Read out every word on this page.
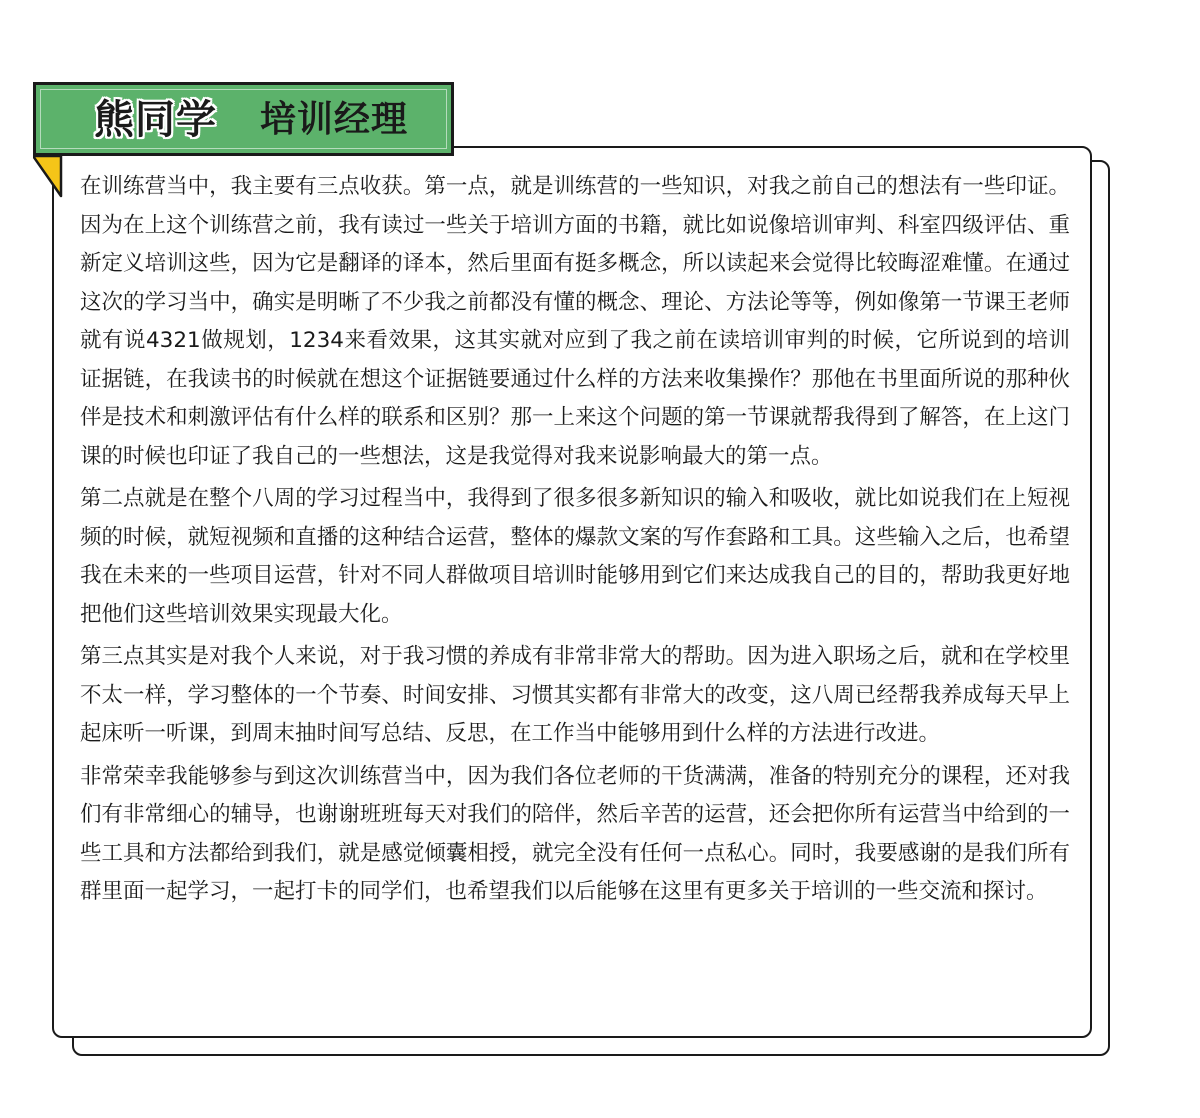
熊同学 培训经理

在训练营当中，我主要有三点收获。第一点，就是训练营的一些知识，对我之前自己的想法有一些印证。因为在上这个训练营之前，我有读过一些关于培训方面的书籍，就比如说像培训审判、科室四级评估、重新定义培训这些，因为它是翻译的译本，然后里面有挺多概念，所以读起来会觉得比较晦涩难懂。在通过这次的学习当中，确实是明晰了不少我之前都没有懂的概念、理论、方法论等等，例如像第一节课王老师就有说4321做规划，1234来看效果，这其实就对应到了我之前在读培训审判的时候，它所说到的培训证据链，在我读书的时候就在想这个证据链要通过什么样的方法来收集操作？那他在书里面所说的那种伙伴是技术和刺激评估有什么样的联系和区别？那一上来这个问题的第一节课就帮我得到了解答，在上这门课的时候也印证了我自己的一些想法，这是我觉得对我来说影响最大的第一点。

第二点就是在整个八周的学习过程当中，我得到了很多很多新知识的输入和吸收，就比如说我们在上短视频的时候，就短视频和直播的这种结合运营，整体的爆款文案的写作套路和工具。这些输入之后，也希望我在未来的一些项目运营，针对不同人群做项目培训时能够用到它们来达成我自己的目的，帮助我更好地把他们这些培训效果实现最大化。

第三点其实是对我个人来说，对于我习惯的养成有非常非常大的帮助。因为进入职场之后，就和在学校里不太一样，学习整体的一个节奏、时间安排、习惯其实都有非常大的改变，这八周已经帮我养成每天早上起床听一听课，到周末抽时间写总结、反思，在工作当中能够用到什么样的方法进行改进。

非常荣幸我能够参与到这次训练营当中，因为我们各位老师的干货满满，准备的特别充分的课程，还对我们有非常细心的辅导，也谢谢班班每天对我们的陪伴，然后辛苦的运营，还会把你所有运营当中给到的一些工具和方法都给到我们，就是感觉倾囊相授，就完全没有任何一点私心。同时，我要感谢的是我们所有群里面一起学习，一起打卡的同学们，也希望我们以后能够在这里有更多关于培训的一些交流和探讨。
